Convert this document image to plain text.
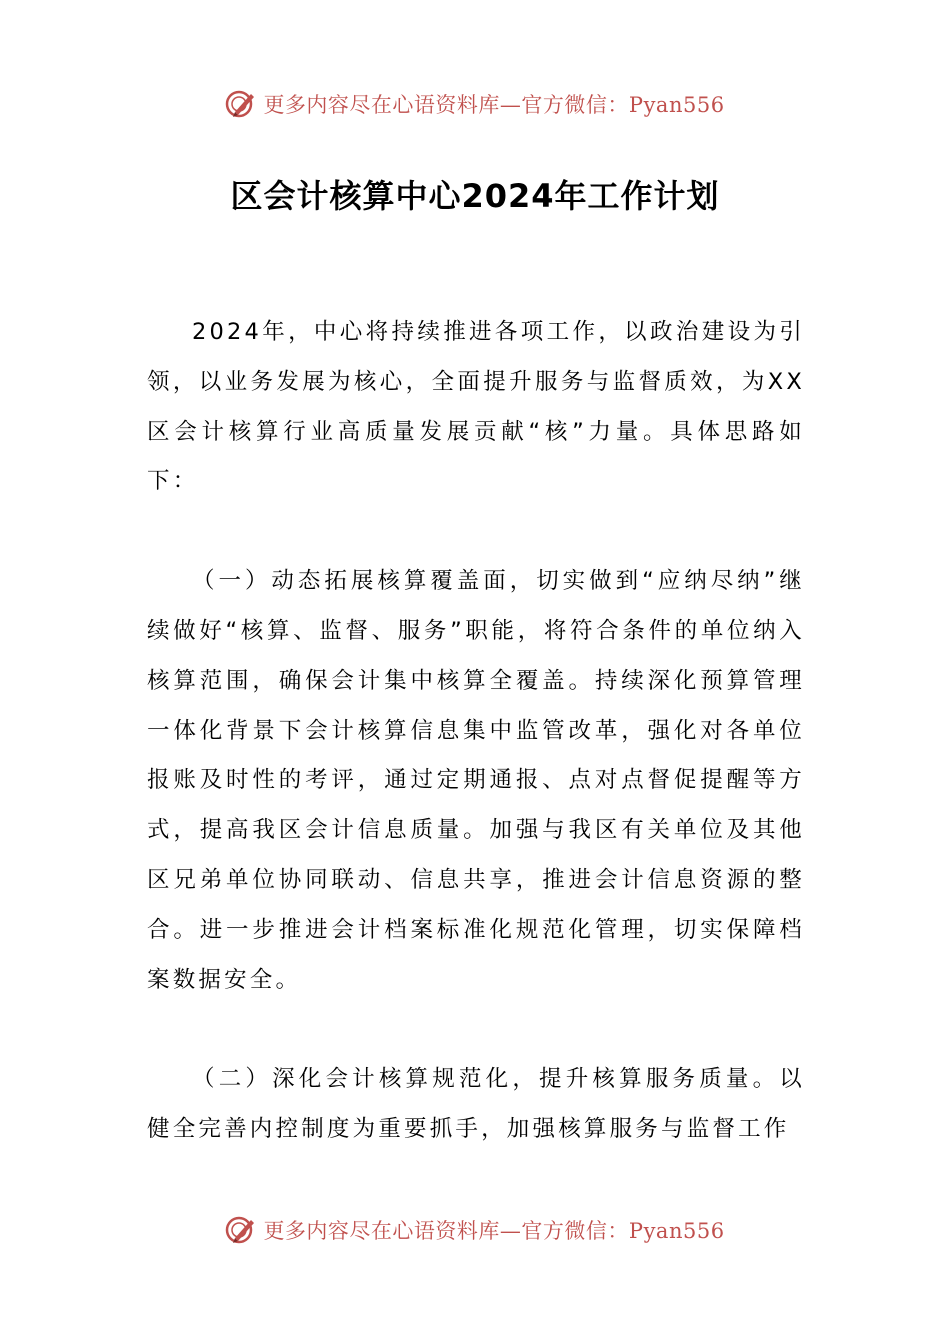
更多内容尽在心语资料库—官方微信：Pyan556
区会计核算中心2024年工作计划

2024年，中心将持续推进各项工作，以政治建设为引领，以业务发展为核心，全面提升服务与监督质效，为XX区会计核算行业高质量发展贡献“核”力量。具体思路如下：

（一）动态拓展核算覆盖面，切实做到“应纳尽纳”继续做好“核算、监督、服务”职能，将符合条件的单位纳入核算范围，确保会计集中核算全覆盖。持续深化预算管理一体化背景下会计核算信息集中监管改革，强化对各单位报账及时性的考评，通过定期通报、点对点督促提醒等方式，提高我区会计信息质量。加强与我区有关单位及其他区兄弟单位协同联动、信息共享，推进会计信息资源的整合。进一步推进会计档案标准化规范化管理，切实保障档案数据安全。

（二）深化会计核算规范化，提升核算服务质量。以健全完善内控制度为重要抓手，加强核算服务与监督工作

更多内容尽在心语资料库—官方微信：Pyan556
